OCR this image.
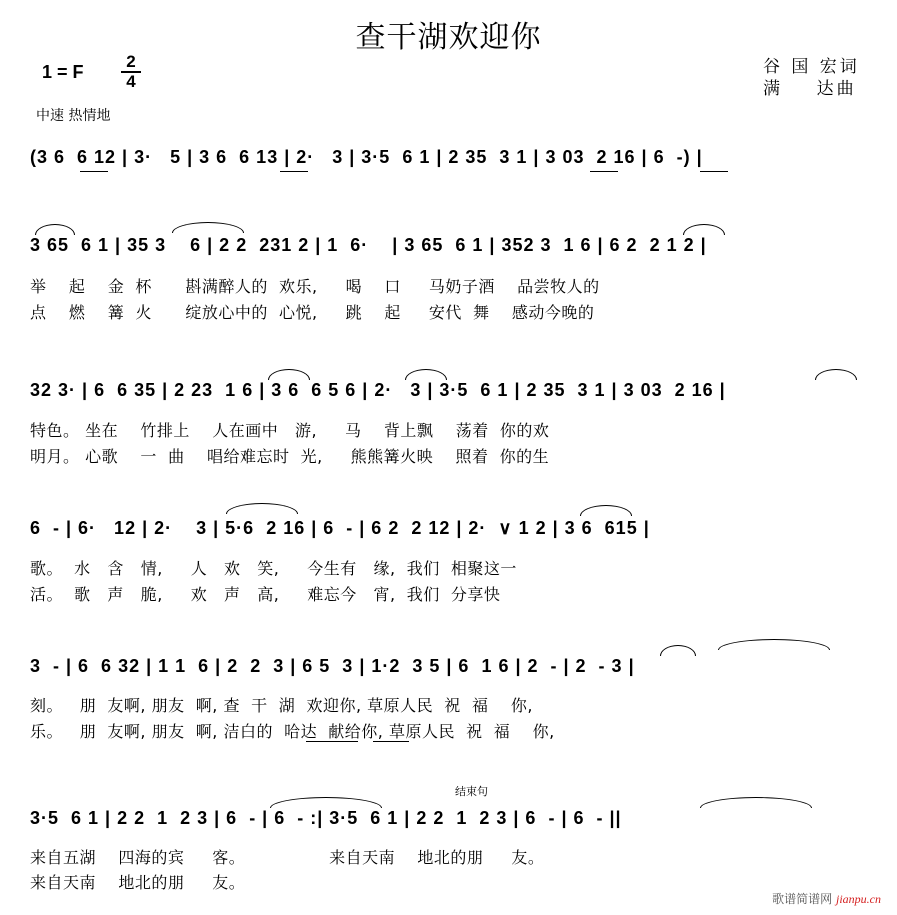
查干湖欢迎你
谷 国 宏词
满    达曲
1 = F
2
4
中速 热情地
(3 6  6 12 | 3·   5 | 3 6  6 13 | 2·   3 | 3·5  6 1 | 2 35  3 1 | 3 03  2 16 | 6  -) |
3 65  6 1 | 35 3    6 | 2 2  231 2 | 1  6·    | 3 65  6 1 | 352 3  1 6 | 6 2  2 1 2 |
举    起    金  杯      斟满醉人的  欢乐,     喝    口     马奶子酒    品尝牧人的
点    燃    篝  火      绽放心中的  心悦,     跳    起     安代  舞    感动今晚的
32 3· | 6  6 35 | 2 23  1 6 | 3 6  6 5 6 | 2·   3 | 3·5  6 1 | 2 35  3 1 | 3 03  2 16 |
特色。 坐在    竹排上    人在画中   游,     马    背上飘    荡着  你的欢
明月。 心歌    一  曲    唱给难忘时  光,     熊熊篝火映    照着  你的生
6  - | 6·   12 | 2·    3 | 5·6  2 16 | 6  - | 6 2  2 12 | 2·  ∨ 1 2 | 3 6  615 |
歌。  水   含   情,     人   欢   笑,     今生有   缘,  我们  相聚这一
活。  歌   声   脆,     欢   声   高,     难忘今   宵,  我们  分享快
3  - | 6  6 32 | 1 1  6 | 2  2  3 | 6 5  3 | 1·2  3 5 | 6  1 6 | 2  - | 2  - 3 |
刻。   朋  友啊, 朋友  啊, 查  干  湖  欢迎你, 草原人民  祝  福    你,
乐。   朋  友啊, 朋友  啊, 洁白的  哈达  献给你, 草原人民  祝  福    你,
结束句
3·5  6 1 | 2 2  1  2 3 | 6  - | 6  - :| 3·5  6 1 | 2 2  1  2 3 | 6  - | 6  - ||
来自五湖    四海的宾     客。               来自天南    地北的朋     友。
来自天南    地北的朋     友。
歌谱简谱网 jianpu.cn
